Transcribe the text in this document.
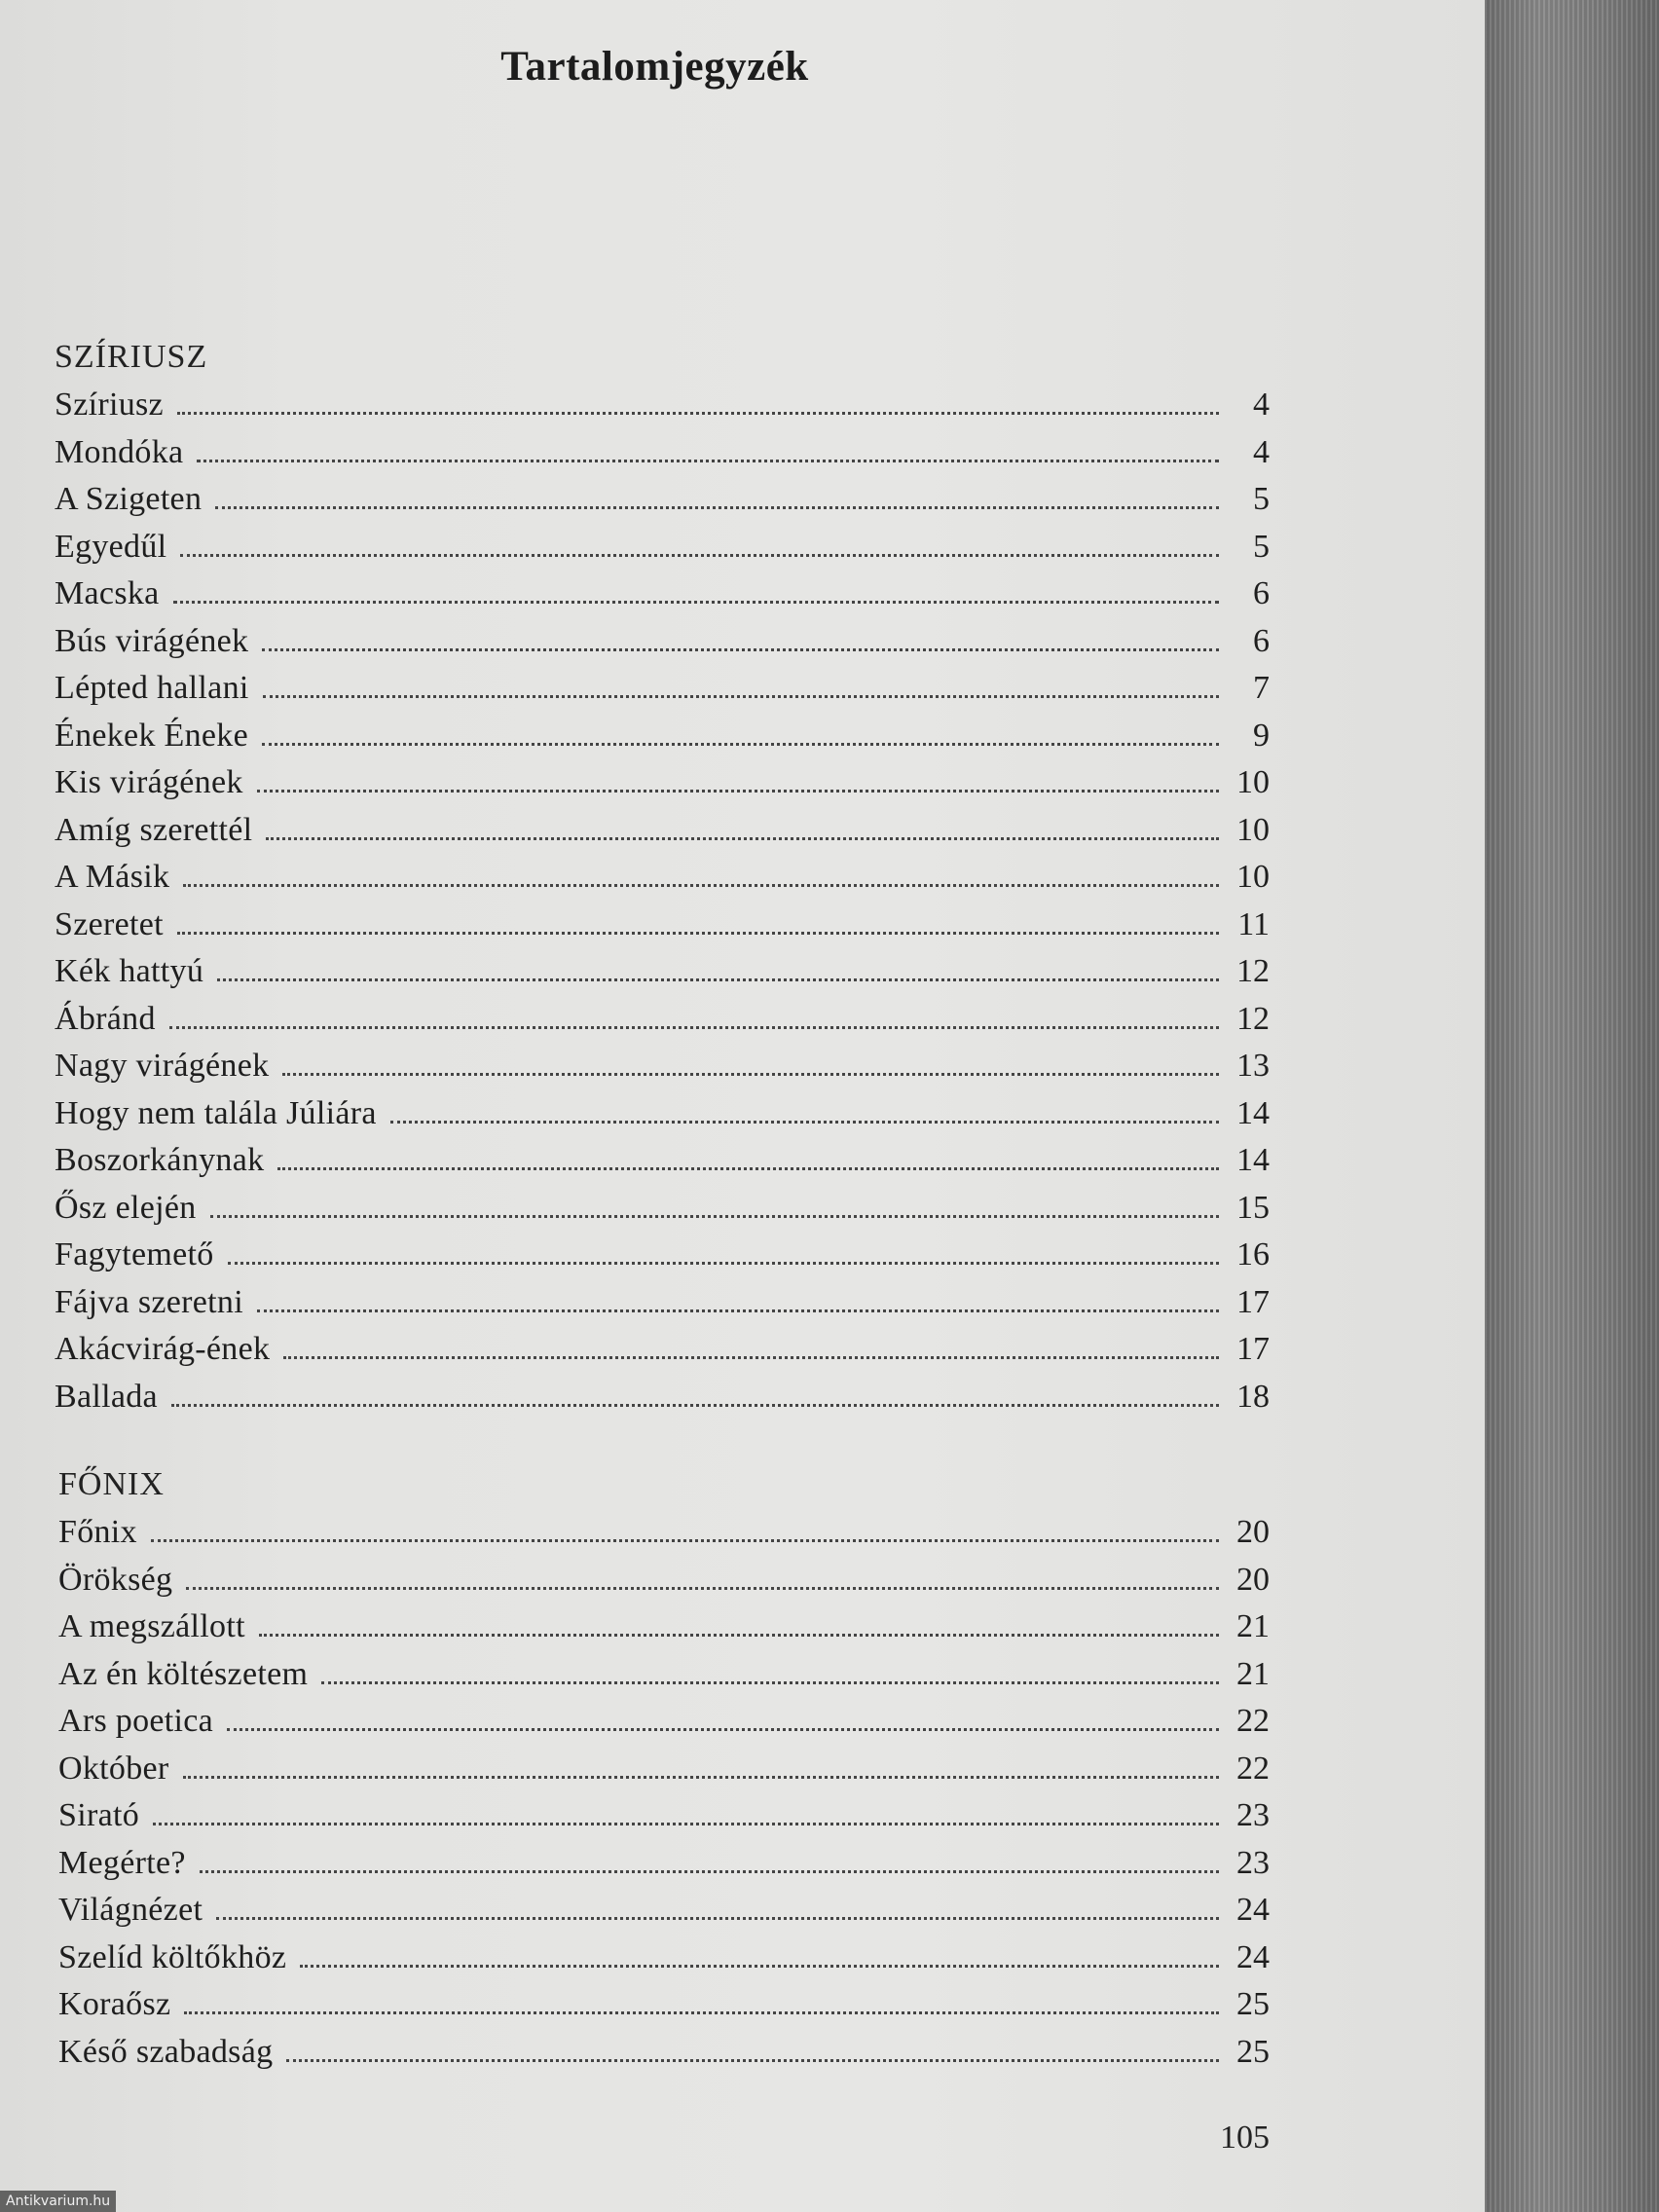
Tartalomjegyzék
SZÍRIUSZ
Szíriusz	4
Mondóka	4
A Szigeten	5
Egyedűl	5
Macska	6
Bús virágének	6
Lépted hallani	7
Énekek Éneke	9
Kis virágének	10
Amíg szerettél	10
A Másik	10
Szeretet	11
Kék hattyú	12
Ábránd	12
Nagy virágének	13
Hogy nem talála Júliára	14
Boszorkánynak	14
Ősz elején	15
Fagytemető	16
Fájva szeretni	17
Akácvirág-ének	17
Ballada	18
FŐNIX
Főnix	20
Örökség	20
A megszállott	21
Az én költészetem	21
Ars poetica	22
Október	22
Sirató	23
Megérte?	23
Világnézet	24
Szelíd költőkhöz	24
Koraősz	25
Késő szabadság	25
105
Antikvarium.hu
